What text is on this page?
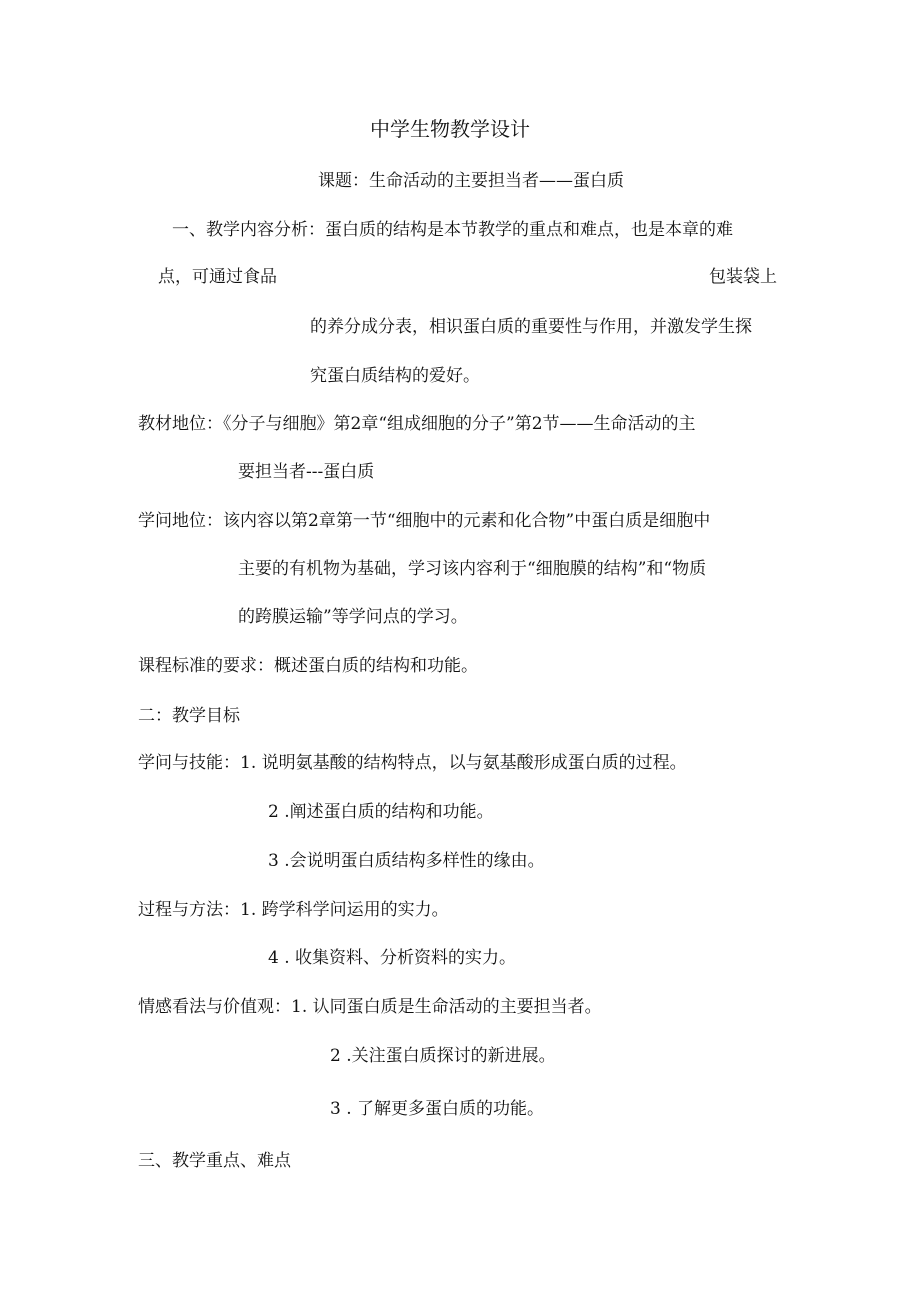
中学生物教学设计
课题：生命活动的主要担当者——蛋白质
一、教学内容分析：蛋白质的结构是本节教学的重点和难点，也是本章的难
点，可通过食品	包装袋上
的养分成分表，相识蛋白质的重要性与作用，并激发学生探
究蛋白质结构的爱好。
教材地位：《分子与细胞》第2章“组成细胞的分子”第2节——生命活动的主
要担当者---蛋白质
学问地位：该内容以第2章第一节“细胞中的元素和化合物”中蛋白质是细胞中
主要的有机物为基础，学习该内容利于“细胞膜的结构”和“物质
的跨膜运输”等学问点的学习。
课程标准的要求：概述蛋白质的结构和功能。
二：教学目标
学问与技能：1. 说明氨基酸的结构特点，以与氨基酸形成蛋白质的过程。
2 .阐述蛋白质的结构和功能。
3 .会说明蛋白质结构多样性的缘由。
过程与方法：1. 跨学科学问运用的实力。
4 . 收集资料、分析资料的实力。
情感看法与价值观：1. 认同蛋白质是生命活动的主要担当者。
2 .关注蛋白质探讨的新进展。
3 . 了解更多蛋白质的功能。
三、教学重点、难点
